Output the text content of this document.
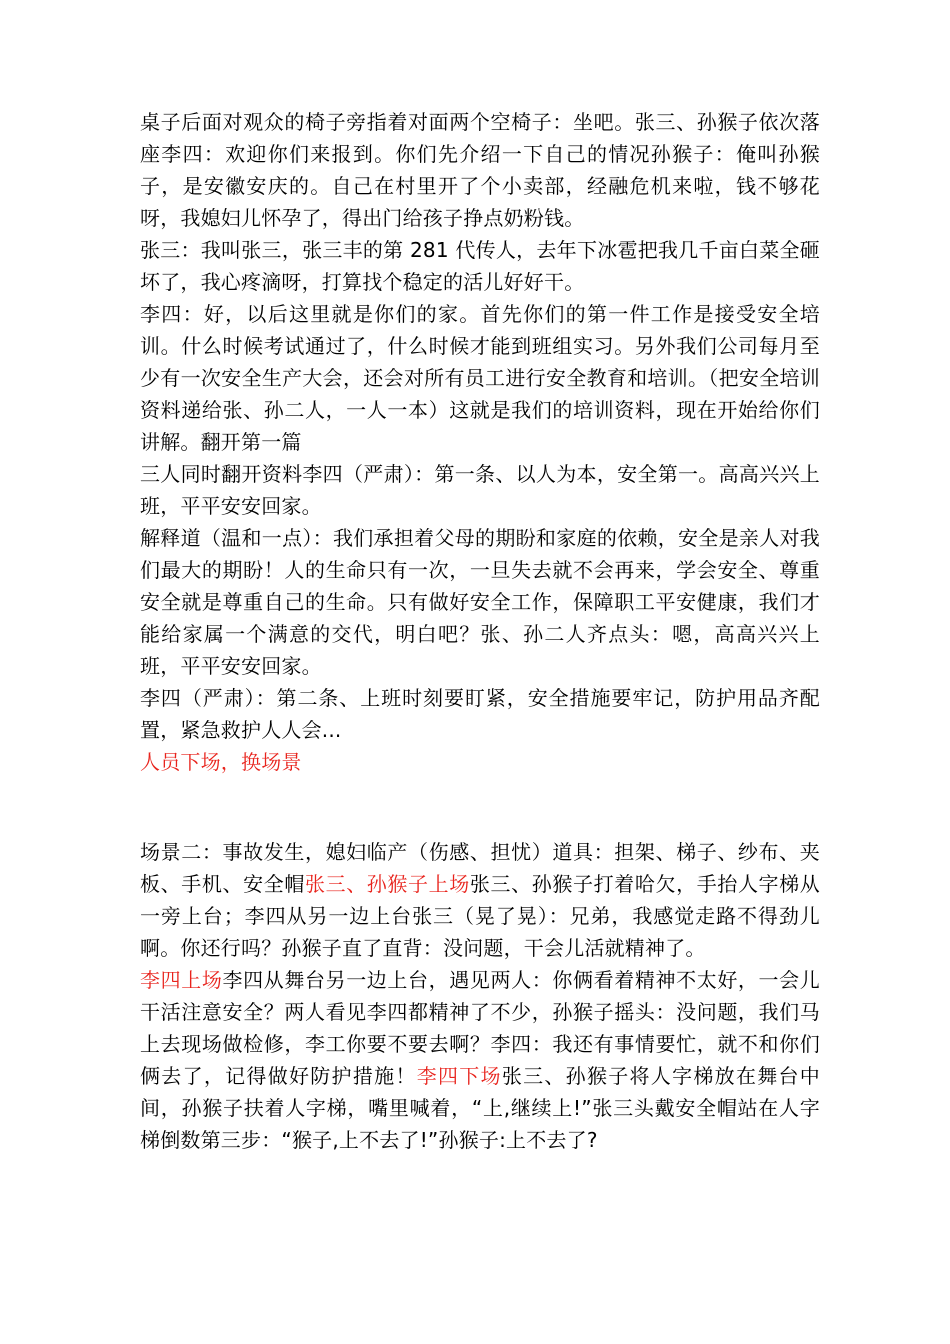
桌子后面对观众的椅子旁指着对面两个空椅子：坐吧。张三、孙猴子依次落座李四：欢迎你们来报到。你们先介绍一下自己的情况孙猴子：俺叫孙猴子，是安徽安庆的。自己在村里开了个小卖部，经融危机来啦，钱不够花呀，我媳妇儿怀孕了，得出门给孩子挣点奶粉钱。

张三：我叫张三，张三丰的第 281 代传人，去年下冰雹把我几千亩白菜全砸坏了，我心疼滴呀，打算找个稳定的活儿好好干。

李四：好，以后这里就是你们的家。首先你们的第一件工作是接受安全培训。什么时候考试通过了，什么时候才能到班组实习。另外我们公司每月至少有一次安全生产大会，还会对所有员工进行安全教育和培训。（把安全培训资料递给张、孙二人，一人一本）这就是我们的培训资料，现在开始给你们讲解。翻开第一篇

三人同时翻开资料李四（严肃）：第一条、以人为本，安全第一。高高兴兴上班，平平安安回家。

解释道（温和一点）：我们承担着父母的期盼和家庭的依赖，安全是亲人对我们最大的期盼！人的生命只有一次，一旦失去就不会再来，学会安全、尊重安全就是尊重自己的生命。只有做好安全工作，保障职工平安健康，我们才能给家属一个满意的交代，明白吧？张、孙二人齐点头：嗯，高高兴兴上班，平平安安回家。

李四（严肃）：第二条、上班时刻要盯紧，安全措施要牢记，防护用品齐配置，紧急救护人人会...

人员下场，换场景

场景二：事故发生，媳妇临产（伤感、担忧）道具：担架、梯子、纱布、夹板、手机、安全帽张三、孙猴子上场张三、孙猴子打着哈欠，手抬人字梯从一旁上台；李四从另一边上台张三（晃了晃）：兄弟，我感觉走路不得劲儿啊。你还行吗？孙猴子直了直背：没问题，干会儿活就精神了。

李四上场李四从舞台另一边上台，遇见两人：你俩看着精神不太好，一会儿干活注意安全？两人看见李四都精神了不少，孙猴子摇头：没问题，我们马上去现场做检修，李工你要不要去啊？李四：我还有事情要忙，就不和你们俩去了，记得做好防护措施！李四下场张三、孙猴子将人字梯放在舞台中间，孙猴子扶着人字梯，嘴里喊着，“上,继续上!”张三头戴安全帽站在人字梯倒数第三步：“猴子,上不去了!”孙猴子:上不去了?
